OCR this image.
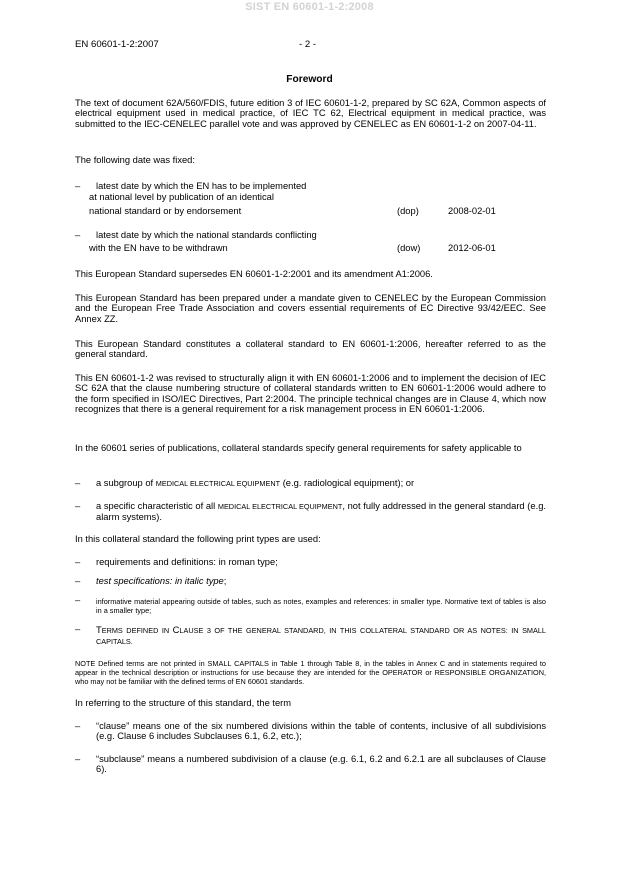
SIST EN 60601-1-2:2008
EN 60601-1-2:2007	- 2 -
Foreword

The text of document 62A/560/FDIS, future edition 3 of IEC 60601-1-2, prepared by SC 62A, Common aspects of electrical equipment used in medical practice, of IEC TC 62, Electrical equipment in medical practice, was submitted to the IEC-CENELEC parallel vote and was approved by CENELEC as EN 60601-1-2 on 2007-04-11.

The following date was fixed:

– latest date by which the EN has to be implemented
at national level by publication of an identical
national standard or by endorsement	(dop)	2008-02-01
– latest date by which the national standards conflicting
with the EN have to be withdrawn	(dow)	2012-06-01

This European Standard supersedes EN 60601-1-2:2001 and its amendment A1:2006.

This European Standard has been prepared under a mandate given to CENELEC by the European Commission and the European Free Trade Association and covers essential requirements of EC Directive 93/42/EEC. See Annex ZZ.

This European Standard constitutes a collateral standard to EN 60601-1:2006, hereafter referred to as the general standard.

This EN 60601-1-2 was revised to structurally align it with EN 60601-1:2006 and to implement the decision of IEC SC 62A that the clause numbering structure of collateral standards written to EN 60601-1:2006 would adhere to the form specified in ISO/IEC Directives, Part 2:2004. The principle technical changes are in Clause 4, which now recognizes that there is a general requirement for a risk management process in EN 60601-1:2006.

In the 60601 series of publications, collateral standards specify general requirements for safety applicable to

– a subgroup of MEDICAL ELECTRICAL EQUIPMENT (e.g. radiological equipment); or

– a specific characteristic of all MEDICAL ELECTRICAL EQUIPMENT, not fully addressed in the general standard (e.g. alarm systems).

In this collateral standard the following print types are used:

– requirements and definitions: in roman type;

– test specifications: in italic type;

– informative material appearing outside of tables, such as notes, examples and references: in smaller type. Normative text of tables is also in a smaller type;

– TERMS DEFINED IN CLAUSE 3 OF THE GENERAL STANDARD, IN THIS COLLATERAL STANDARD OR AS NOTES: IN SMALL CAPITALS.

NOTE Defined terms are not printed in SMALL CAPITALS in Table 1 through Table 8, in the tables in Annex C and in statements required to appear in the technical description or instructions for use because they are intended for the OPERATOR or RESPONSIBLE ORGANIZATION, who may not be familiar with the defined terms of EN 60601 standards.

In referring to the structure of this standard, the term

– “clause” means one of the six numbered divisions within the table of contents, inclusive of all subdivisions (e.g. Clause 6 includes Subclauses 6.1, 6.2, etc.);

– “subclause” means a numbered subdivision of a clause (e.g. 6.1, 6.2 and 6.2.1 are all subclauses of Clause 6).
